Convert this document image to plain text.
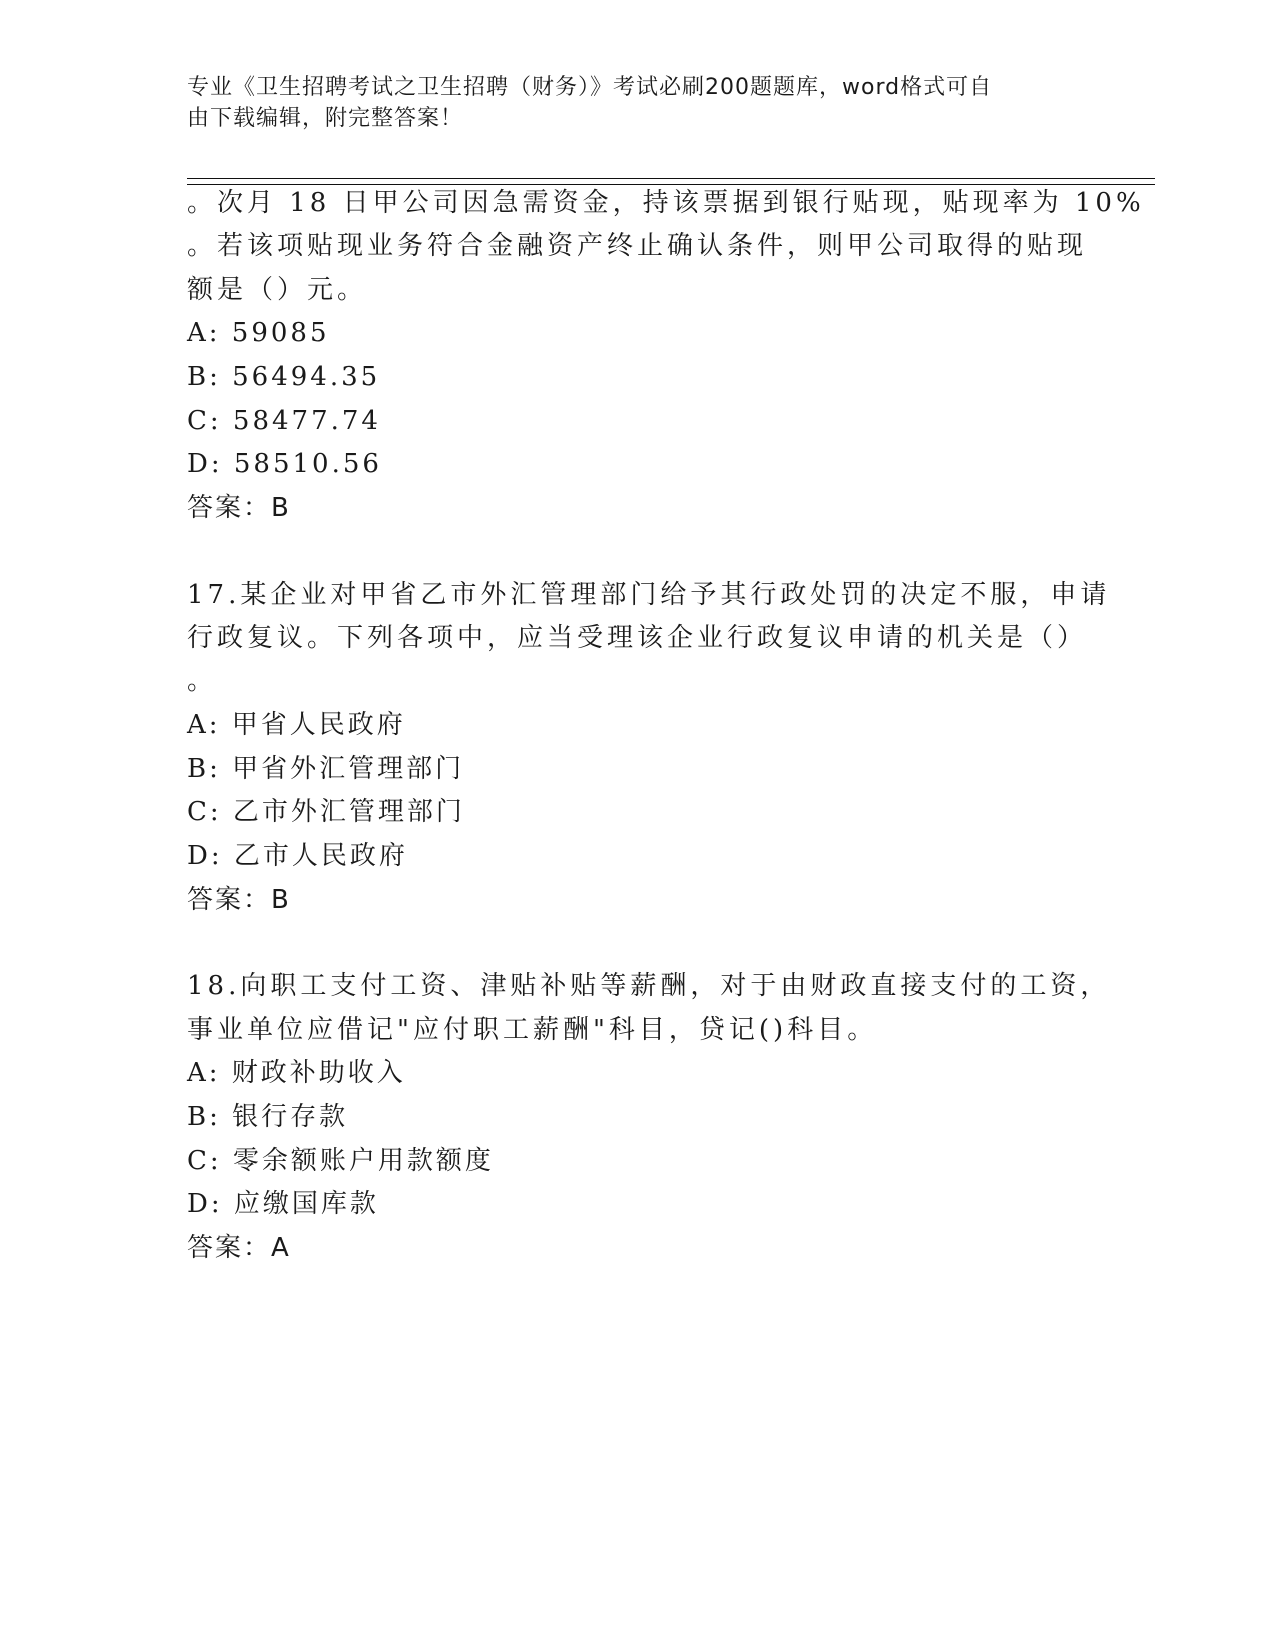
专业《卫生招聘考试之卫生招聘（财务）》考试必刷200题题库，word格式可自
由下载编辑，附完整答案！
。次月 18 日甲公司因急需资金，持该票据到银行贴现，贴现率为 10%
。若该项贴现业务符合金融资产终止确认条件，则甲公司取得的贴现
额是（）元。
A: 59085
B: 56494.35
C: 58477.74
D: 58510.56
答案：B
17.某企业对甲省乙市外汇管理部门给予其行政处罚的决定不服，申请
行政复议。下列各项中，应当受理该企业行政复议申请的机关是（）
。
A: 甲省人民政府
B: 甲省外汇管理部门
C: 乙市外汇管理部门
D: 乙市人民政府
答案：B
18.向职工支付工资、津贴补贴等薪酬，对于由财政直接支付的工资，
事业单位应借记"应付职工薪酬"科目，贷记()科目。
A: 财政补助收入
B: 银行存款
C: 零余额账户用款额度
D: 应缴国库款
答案：A
